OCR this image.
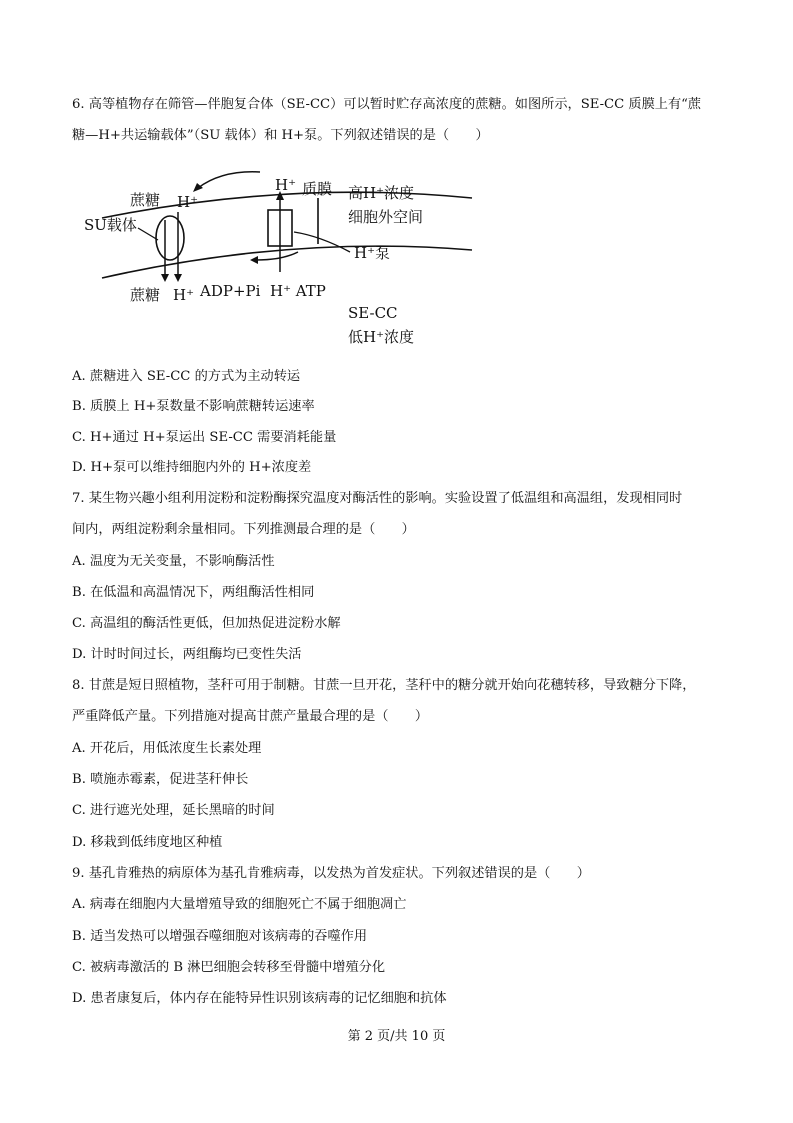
6. 高等植物存在筛管—伴胞复合体（SE-CC）可以暂时贮存高浓度的蔗糖。如图所示，SE-CC 质膜上有“蔗
糖—H+共运输载体”（SU 载体）和 H+泵。下列叙述错误的是（　　）
蔗糖 H⁺
H⁺ 质膜 高H⁺浓度
细胞外空间
SU载体
蔗糖 H⁺ ADP+Pi H⁺ ATP
H⁺泵
SE-CC
低H⁺浓度
A. 蔗糖进入 SE-CC 的方式为主动转运
B. 质膜上 H+泵数量不影响蔗糖转运速率
C. H+通过 H+泵运出 SE-CC 需要消耗能量
D. H+泵可以维持细胞内外的 H+浓度差
7. 某生物兴趣小组利用淀粉和淀粉酶探究温度对酶活性的影响。实验设置了低温组和高温组，发现相同时
间内，两组淀粉剩余量相同。下列推测最合理的是（　　）
A. 温度为无关变量，不影响酶活性
B. 在低温和高温情况下，两组酶活性相同
C. 高温组的酶活性更低，但加热促进淀粉水解
D. 计时时间过长，两组酶均已变性失活
8. 甘蔗是短日照植物，茎秆可用于制糖。甘蔗一旦开花，茎秆中的糖分就开始向花穗转移，导致糖分下降，
严重降低产量。下列措施对提高甘蔗产量最合理的是（　　）
A. 开花后，用低浓度生长素处理
B. 喷施赤霉素，促进茎秆伸长
C. 进行遮光处理，延长黑暗的时间
D. 移栽到低纬度地区种植
9. 基孔肯雅热的病原体为基孔肯雅病毒，以发热为首发症状。下列叙述错误的是（　　）
A. 病毒在细胞内大量增殖导致的细胞死亡不属于细胞凋亡
B. 适当发热可以增强吞噬细胞对该病毒的吞噬作用
C. 被病毒激活的 B 淋巴细胞会转移至骨髓中增殖分化
D. 患者康复后，体内存在能特异性识别该病毒的记忆细胞和抗体
第 2 页/共 10 页
